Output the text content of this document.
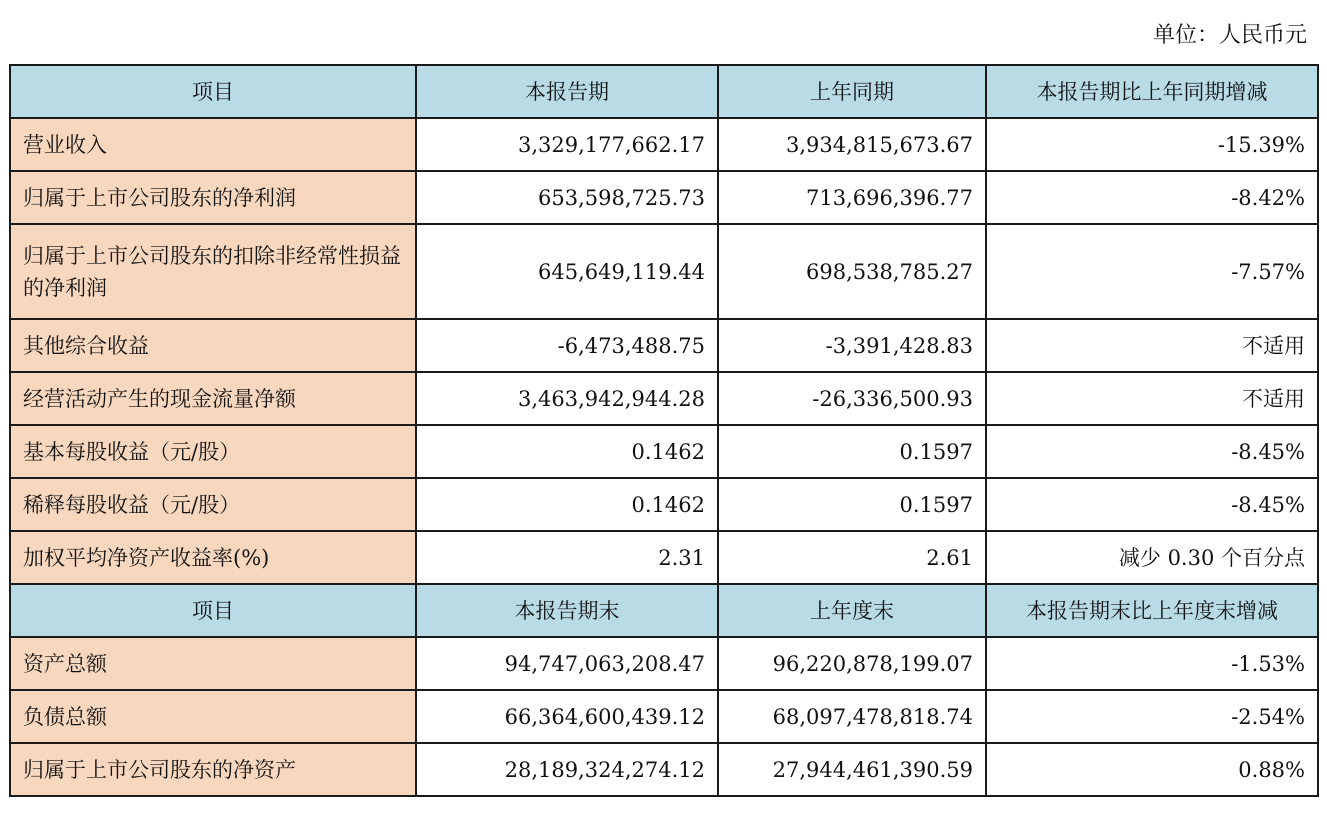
单位：人民币元
项目	本报告期	上年同期	本报告期比上年同期增减
营业收入	3,329,177,662.17	3,934,815,673.67	-15.39%
归属于上市公司股东的净利润	653,598,725.73	713,696,396.77	-8.42%
归属于上市公司股东的扣除非经常性损益的净利润	645,649,119.44	698,538,785.27	-7.57%
其他综合收益	-6,473,488.75	-3,391,428.83	不适用
经营活动产生的现金流量净额	3,463,942,944.28	-26,336,500.93	不适用
基本每股收益（元/股）	0.1462	0.1597	-8.45%
稀释每股收益（元/股）	0.1462	0.1597	-8.45%
加权平均净资产收益率(%)	2.31	2.61	减少 0.30 个百分点
项目	本报告期末	上年度末	本报告期末比上年度末增减
资产总额	94,747,063,208.47	96,220,878,199.07	-1.53%
负债总额	66,364,600,439.12	68,097,478,818.74	-2.54%
归属于上市公司股东的净资产	28,189,324,274.12	27,944,461,390.59	0.88%
